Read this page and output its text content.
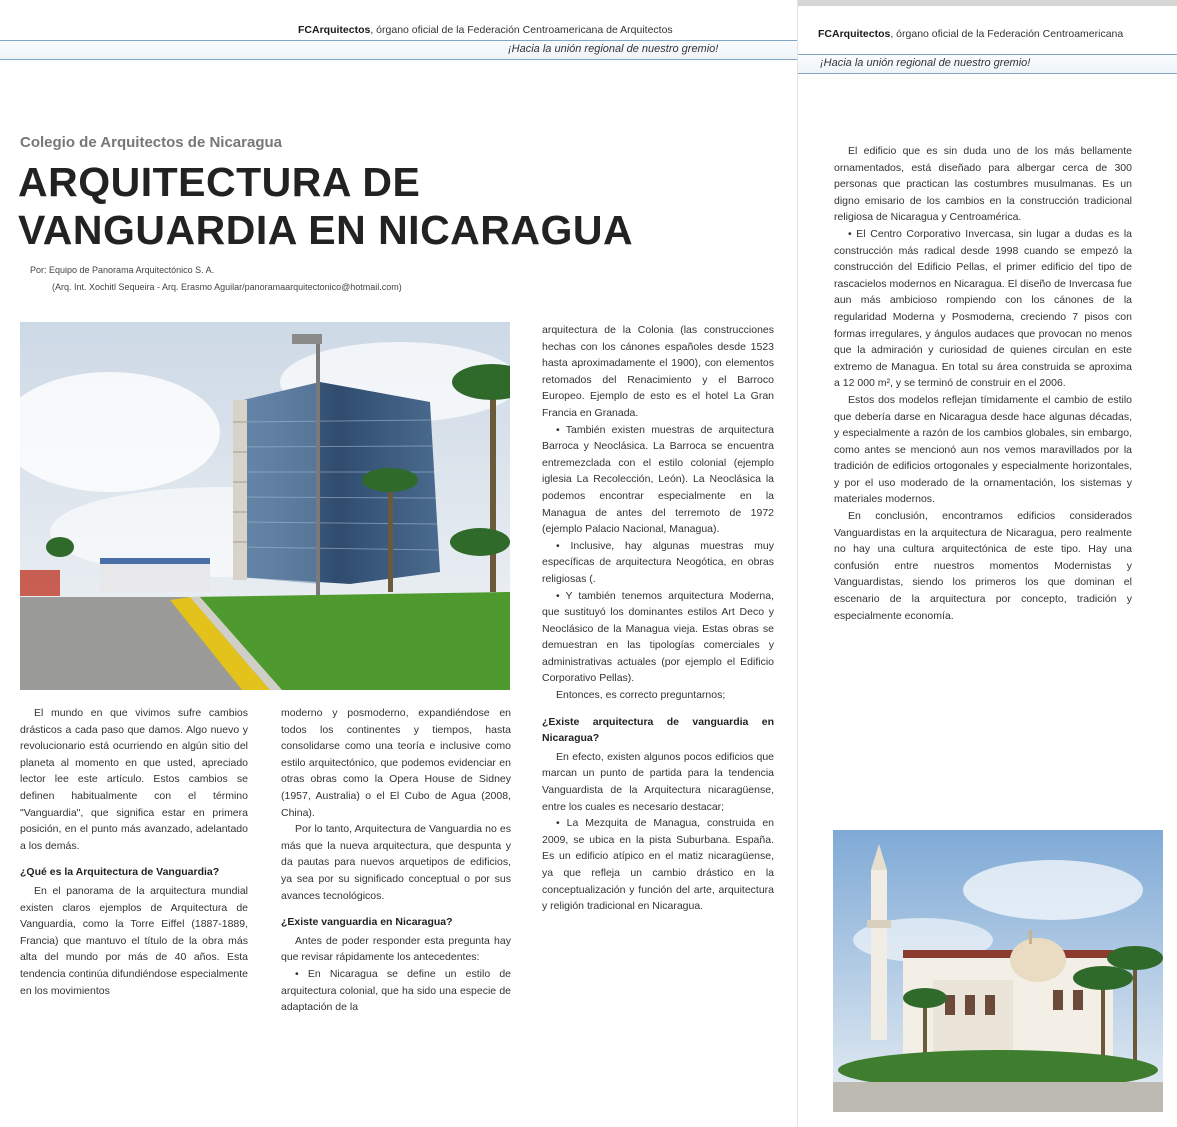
FCArquitectos, órgano oficial de la Federación Centroamericana de Arquitectos
¡Hacia la unión regional de nuestro gremio!
Colegio de Arquitectos de Nicaragua
ARQUITECTURA DE
VANGUARDIA EN NICARAGUA
Por: Equipo de Panorama Arquitectónico S. A.
(Arq. Int. Xochitl Sequeira - Arq. Erasmo Aguilar/panoramaarquitectonico@hotmail.com)

El mundo en que vivimos sufre cambios drásticos a cada paso que damos. Algo nuevo y revolucionario está ocurriendo en algún sitio del planeta al momento en que usted, apreciado lector lee este artículo. Estos cambios se definen habitualmente con el término "Vanguardia", que significa estar en primera posición, en el punto más avanzado, adelantado a los demás.

¿Qué es la Arquitectura de Vanguardia?

En el panorama de la arquitectura mundial existen claros ejemplos de Arquitectura de Vanguardia, como la Torre Eiffel (1887-1889, Francia) que mantuvo el título de la obra más alta del mundo por más de 40 años. Esta tendencia continúa difundiéndose especialmente en los movimientos

moderno y posmoderno, expandiéndose en todos los continentes y tiempos, hasta consolidarse como una teoría e inclusive como estilo arquitectónico, que podemos evidenciar en otras obras como la Opera House de Sidney (1957, Australia) o el El Cubo de Agua (2008, China).

Por lo tanto, Arquitectura de Vanguardia no es más que la nueva arquitectura, que despunta y da pautas para nuevos arquetipos de edificios, ya sea por su significado conceptual o por sus avances tecnológicos.

¿Existe vanguardia en Nicaragua?

Antes de poder responder esta pregunta hay que revisar rápidamente los antecedentes:

• En Nicaragua se define un estilo de arquitectura colonial, que ha sido una especie de adaptación de la

arquitectura de la Colonia (las construcciones hechas con los cánones españoles desde 1523 hasta aproximadamente el 1900), con elementos retomados del Renacimiento y el Barroco Europeo. Ejemplo de esto es el hotel La Gran Francia en Granada.

• También existen muestras de arquitectura Barroca y Neoclásica. La Barroca se encuentra entremezclada con el estilo colonial (ejemplo iglesia La Recolección, León). La Neoclásica la podemos encontrar especialmente en la Managua de antes del terremoto de 1972 (ejemplo Palacio Nacional, Managua).

• Inclusive, hay algunas muestras muy específicas de arquitectura Neogótica, en obras religiosas (.

• Y también tenemos arquitectura Moderna, que sustituyó los dominantes estilos Art Deco y Neoclásico de la Managua vieja. Estas obras se demuestran en las tipologías comerciales y administrativas actuales (por ejemplo el Edificio Corporativo Pellas).

Entonces, es correcto preguntarnos;

¿Existe arquitectura de vanguardia en Nicaragua?

En efecto, existen algunos pocos edificios que marcan un punto de partida para la tendencia Vanguardista de la Arquitectura nicaragüense, entre los cuales es necesario destacar;

• La Mezquita de Managua, construida en 2009, se ubica en la pista Suburbana. España. Es un edificio atípico en el matiz nicaragüense, ya que refleja un cambio drástico en la conceptualización y función del arte, arquitectura y religión tradicional en Nicaragua.

FCArquitectos, órgano oficial de la Federación Centroamericana
¡Hacia la unión regional de nuestro gremio!

El edificio que es sin duda uno de los más bellamente ornamentados, está diseñado para albergar cerca de 300 personas que practican las costumbres musulmanas. Es un digno emisario de los cambios en la construcción tradicional religiosa de Nicaragua y Centroamérica.

• El Centro Corporativo Invercasa, sin lugar a dudas es la construcción más radical desde 1998 cuando se empezó la construcción del Edificio Pellas, el primer edificio del tipo de rascacielos modernos en Nicaragua. El diseño de Invercasa fue aun más ambicioso rompiendo con los cánones de la regularidad Moderna y Posmoderna, creciendo 7 pisos con formas irregulares, y ángulos audaces que provocan no menos que la admiración y curiosidad de quienes circulan en este extremo de Managua. En total su área construida se aproxima a 12 000 m², y se terminó de construir en el 2006.

Estos dos modelos reflejan tímidamente el cambio de estilo que debería darse en Nicaragua desde hace algunas décadas, y especialmente a razón de los cambios globales, sin embargo, como antes se mencionó aun nos vemos maravillados por la tradición de edificios ortogonales y especialmente horizontales, y por el uso moderado de la ornamentación, los sistemas y materiales modernos.

En conclusión, encontramos edificios considerados Vanguardistas en la arquitectura de Nicaragua, pero realmente no hay una cultura arquitectónica de este tipo. Hay una confusión entre nuestros momentos Modernistas y Vanguardistas, siendo los primeros los que dominan el escenario de la arquitectura por concepto, tradición y especialmente economía.
